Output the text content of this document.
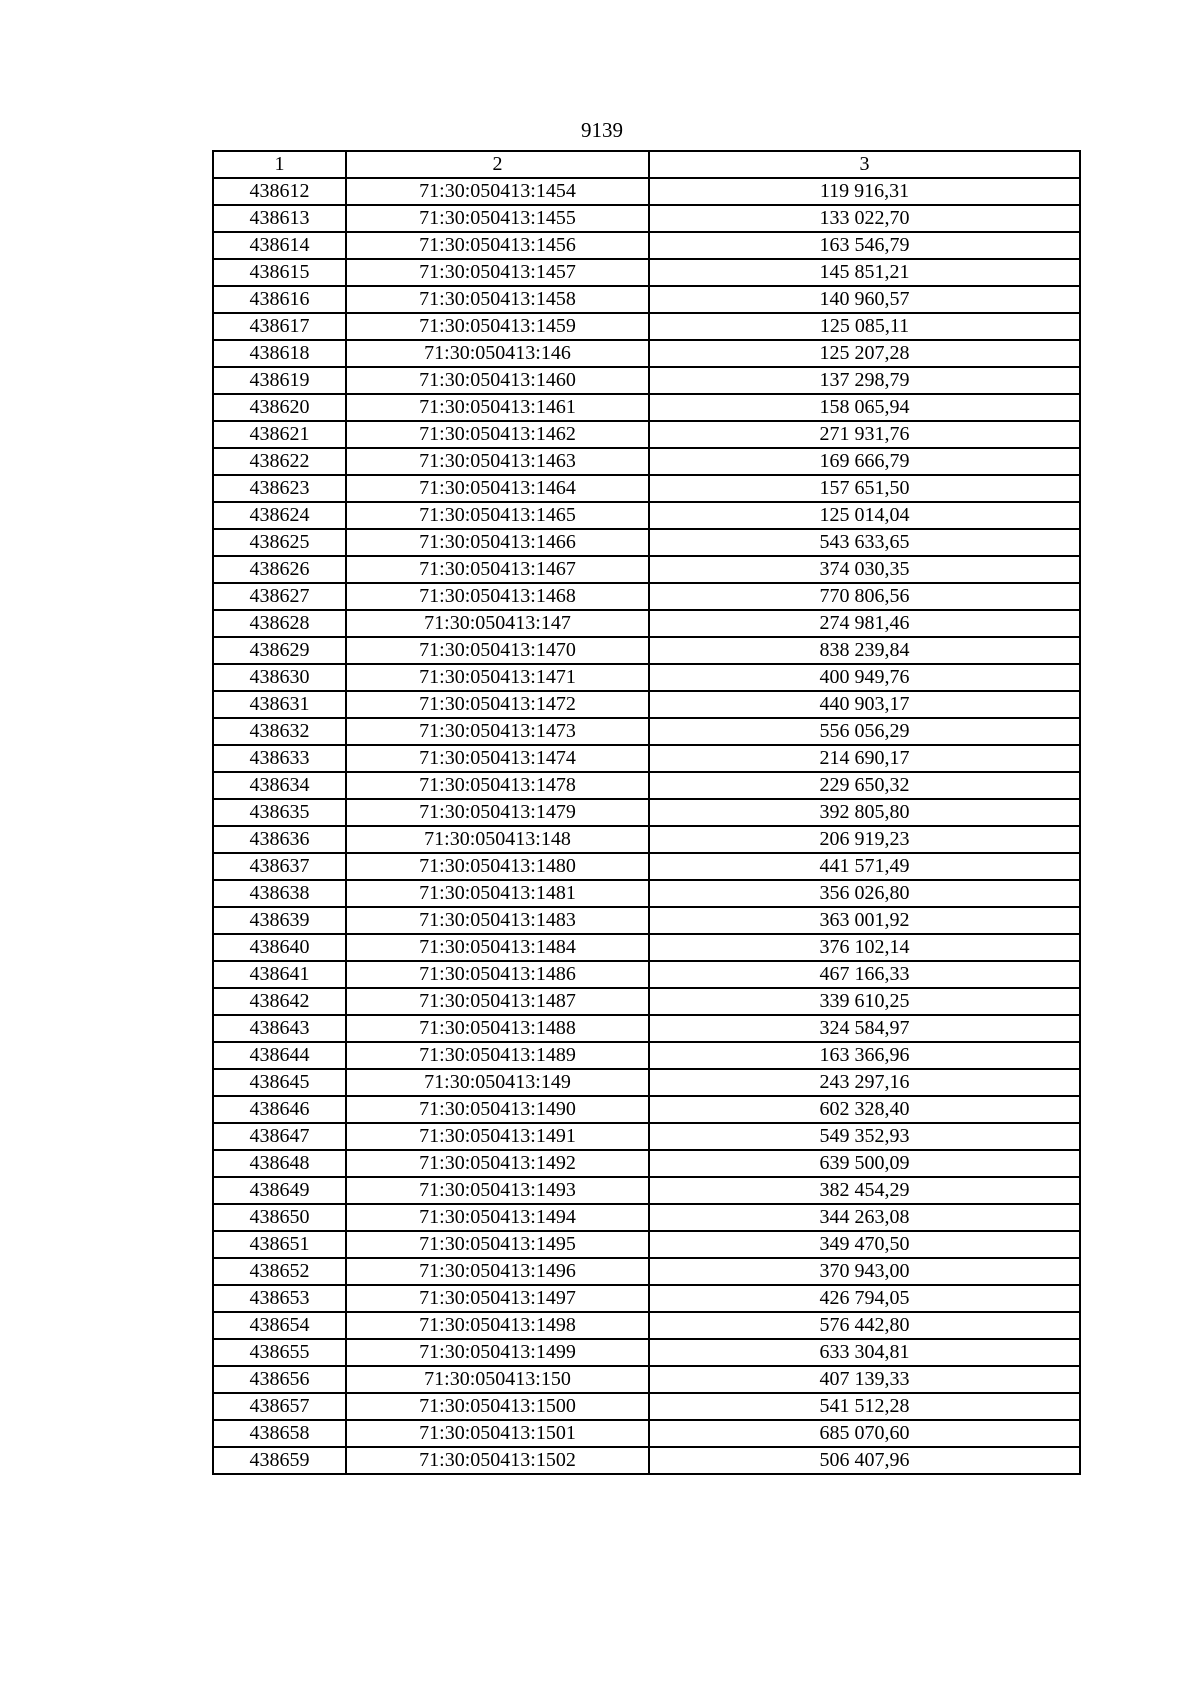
9139
1	2	3
438612	71:30:050413:1454	119 916,31
438613	71:30:050413:1455	133 022,70
438614	71:30:050413:1456	163 546,79
438615	71:30:050413:1457	145 851,21
438616	71:30:050413:1458	140 960,57
438617	71:30:050413:1459	125 085,11
438618	71:30:050413:146	125 207,28
438619	71:30:050413:1460	137 298,79
438620	71:30:050413:1461	158 065,94
438621	71:30:050413:1462	271 931,76
438622	71:30:050413:1463	169 666,79
438623	71:30:050413:1464	157 651,50
438624	71:30:050413:1465	125 014,04
438625	71:30:050413:1466	543 633,65
438626	71:30:050413:1467	374 030,35
438627	71:30:050413:1468	770 806,56
438628	71:30:050413:147	274 981,46
438629	71:30:050413:1470	838 239,84
438630	71:30:050413:1471	400 949,76
438631	71:30:050413:1472	440 903,17
438632	71:30:050413:1473	556 056,29
438633	71:30:050413:1474	214 690,17
438634	71:30:050413:1478	229 650,32
438635	71:30:050413:1479	392 805,80
438636	71:30:050413:148	206 919,23
438637	71:30:050413:1480	441 571,49
438638	71:30:050413:1481	356 026,80
438639	71:30:050413:1483	363 001,92
438640	71:30:050413:1484	376 102,14
438641	71:30:050413:1486	467 166,33
438642	71:30:050413:1487	339 610,25
438643	71:30:050413:1488	324 584,97
438644	71:30:050413:1489	163 366,96
438645	71:30:050413:149	243 297,16
438646	71:30:050413:1490	602 328,40
438647	71:30:050413:1491	549 352,93
438648	71:30:050413:1492	639 500,09
438649	71:30:050413:1493	382 454,29
438650	71:30:050413:1494	344 263,08
438651	71:30:050413:1495	349 470,50
438652	71:30:050413:1496	370 943,00
438653	71:30:050413:1497	426 794,05
438654	71:30:050413:1498	576 442,80
438655	71:30:050413:1499	633 304,81
438656	71:30:050413:150	407 139,33
438657	71:30:050413:1500	541 512,28
438658	71:30:050413:1501	685 070,60
438659	71:30:050413:1502	506 407,96
